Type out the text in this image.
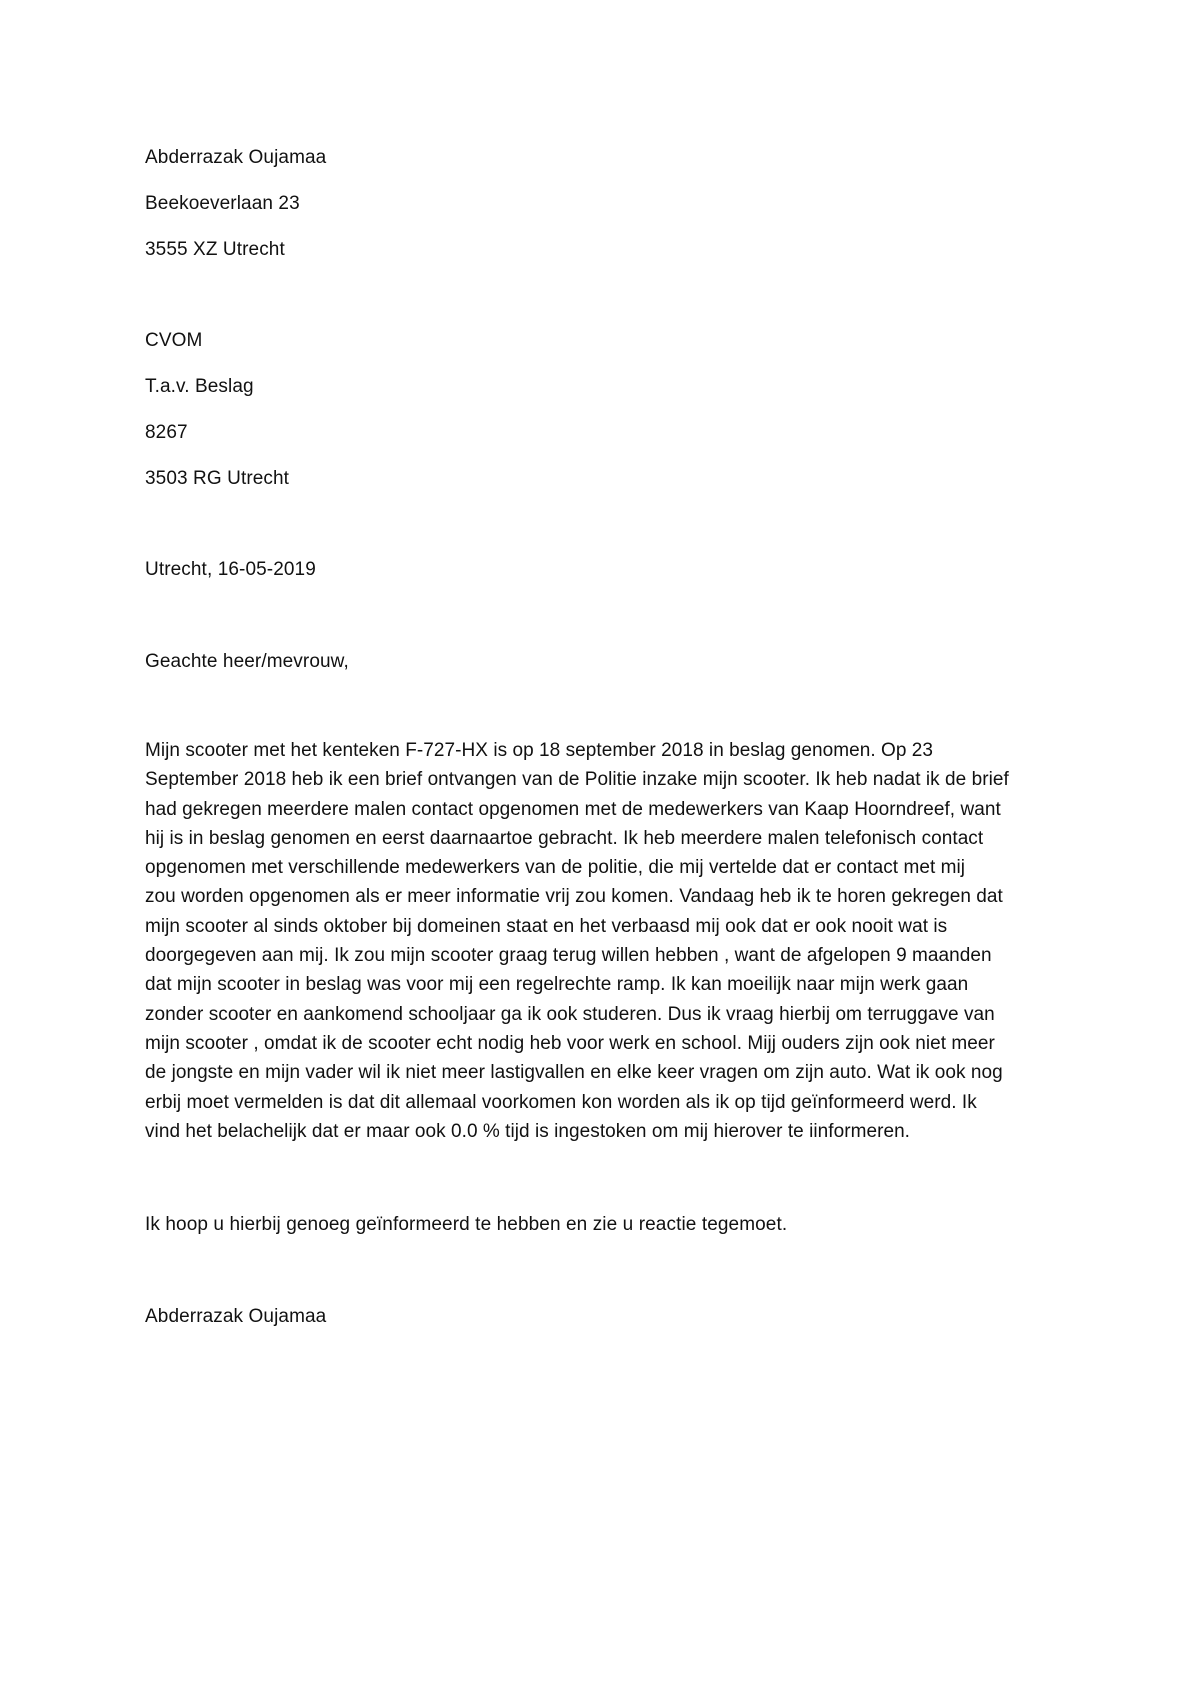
Abderrazak Oujamaa
Beekoeverlaan 23
3555 XZ Utrecht
CVOM
T.a.v. Beslag
8267
3503 RG Utrecht
Utrecht, 16-05-2019
Geachte heer/mevrouw,
Mijn scooter met het kenteken F-727-HX is op 18 september 2018 in beslag genomen. Op 23
September 2018 heb ik een brief ontvangen van de Politie inzake mijn scooter. Ik heb nadat ik de brief
had gekregen meerdere malen contact opgenomen met de medewerkers van Kaap Hoorndreef, want
hij is in beslag genomen en eerst daarnaartoe gebracht. Ik heb meerdere malen telefonisch contact
opgenomen met verschillende medewerkers van de politie, die mij vertelde dat er contact met mij
zou worden opgenomen als er meer informatie vrij zou komen. Vandaag heb ik te horen gekregen dat
mijn scooter al sinds oktober bij domeinen staat en het verbaasd mij ook dat er ook nooit wat is
doorgegeven aan mij. Ik zou mijn scooter graag terug willen hebben , want de afgelopen 9 maanden
dat mijn scooter in beslag was voor mij een regelrechte ramp. Ik kan moeilijk naar mijn werk gaan
zonder scooter en aankomend schooljaar ga ik ook studeren. Dus ik vraag hierbij om terruggave van
mijn scooter , omdat ik de scooter echt nodig heb voor werk en school. Mijj ouders zijn ook niet meer
de jongste en mijn vader wil ik niet meer lastigvallen en elke keer vragen om zijn auto. Wat ik ook nog
erbij moet vermelden is dat dit allemaal voorkomen kon worden als ik op tijd geïnformeerd werd. Ik
vind het belachelijk dat er maar ook 0.0 % tijd is ingestoken om mij hierover te iinformeren.
Ik hoop u hierbij genoeg geïnformeerd te hebben en zie u reactie tegemoet.
Abderrazak Oujamaa
